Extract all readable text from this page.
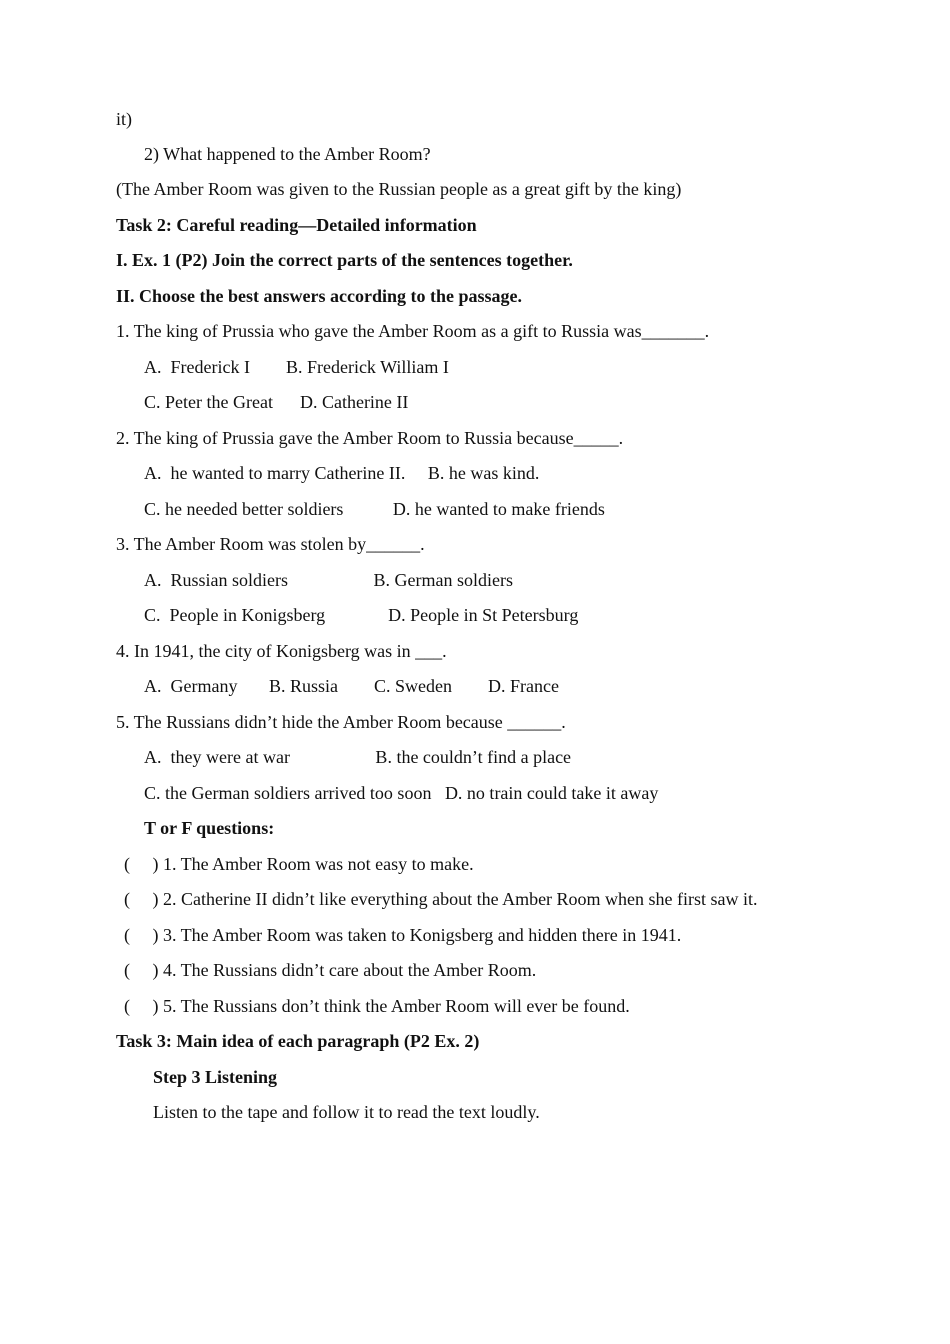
it)
2) What happened to the Amber Room?
(The Amber Room was given to the Russian people as a great gift by the king)
Task 2: Careful reading—Detailed information
I. Ex. 1 (P2) Join the correct parts of the sentences together.
II. Choose the best answers according to the passage.
1. The king of Prussia who gave the Amber Room as a gift to Russia was_______.
A.  Frederick I        B. Frederick William I
C. Peter the Great      D. Catherine II
2. The king of Prussia gave the Amber Room to Russia because_____.
A.  he wanted to marry Catherine II.     B. he was kind.
C. he needed better soldiers           D. he wanted to make friends
3. The Amber Room was stolen by______.
A.  Russian soldiers                   B. German soldiers
C.  People in Konigsberg              D. People in St Petersburg
4. In 1941, the city of Konigsberg was in ___.
A.  Germany       B. Russia        C. Sweden        D. France
5. The Russians didn’t hide the Amber Room because ______.
A.  they were at war                   B. the couldn’t find a place
C. the German soldiers arrived too soon   D. no train could take it away
T or F questions:
(     ) 1. The Amber Room was not easy to make.
(     ) 2. Catherine II didn’t like everything about the Amber Room when she first saw it.
(     ) 3. The Amber Room was taken to Konigsberg and hidden there in 1941.
(     ) 4. The Russians didn’t care about the Amber Room.
(     ) 5. The Russians don’t think the Amber Room will ever be found.
Task 3: Main idea of each paragraph (P2 Ex. 2)
Step 3 Listening
Listen to the tape and follow it to read the text loudly.
